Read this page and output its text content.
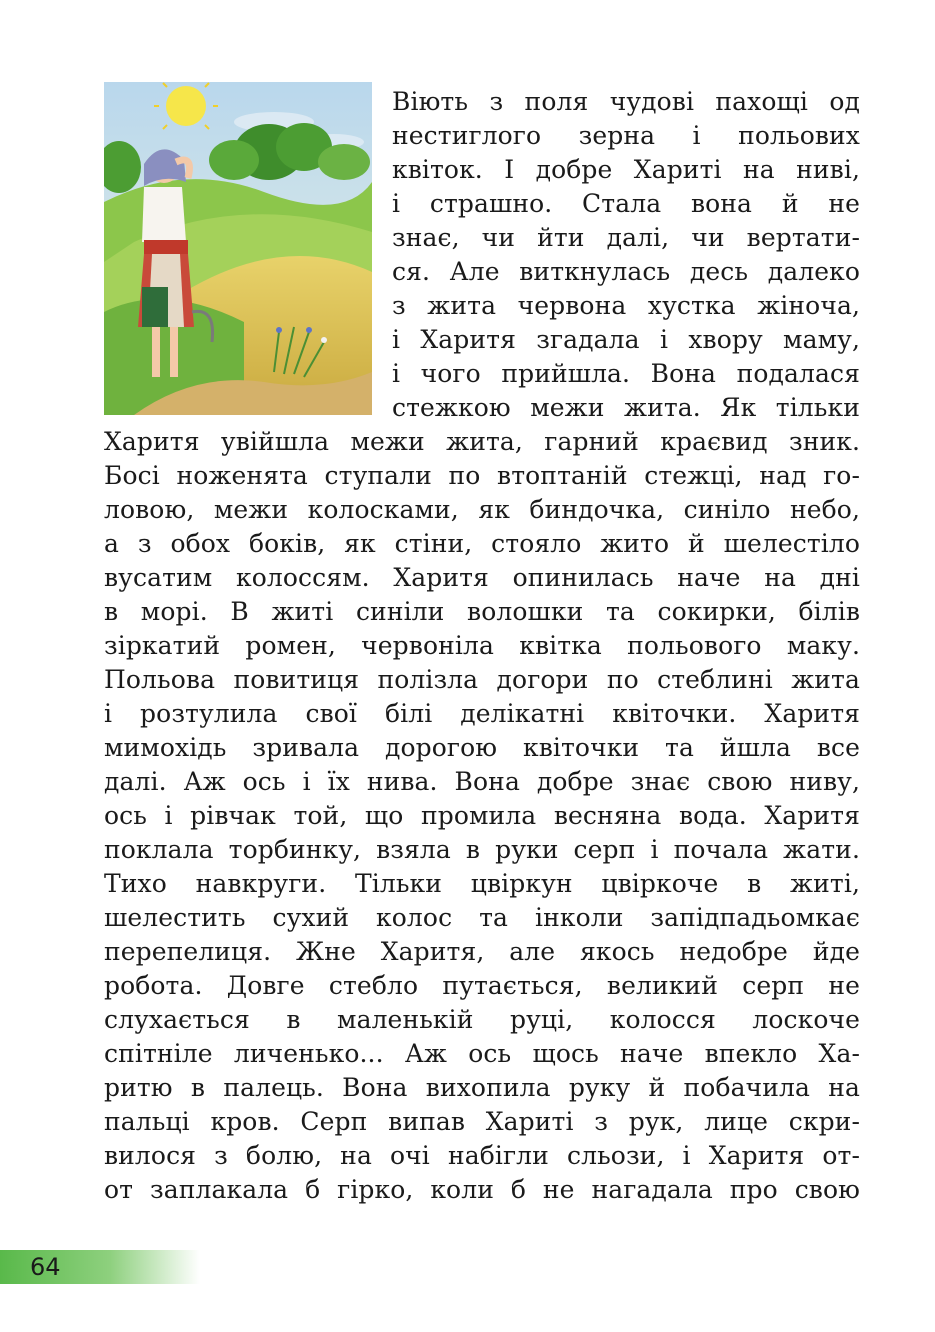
Віють з поля чудові пахощі од
нестиглого зерна і польових
квіток. І добре Хариті на ниві,
і страшно. Стала вона й не
знає, чи йти далі, чи вертати-
ся. Але виткнулась десь далеко
з жита червона хустка жіноча,
і Харитя згадала і хвору маму,
і чого прийшла. Вона подалася
стежкою межи жита. Як тільки
Харитя увійшла межи жита, гарний краєвид зник.
Босі ноженята ступали по втоптаній стежці, над го-
ловою, межи колосками, як биндочка, синіло небо,
а з обох боків, як стіни, стояло жито й шелестіло
вусатим колоссям. Харитя опинилась наче на дні
в морі. В житі синіли волошки та сокирки, білів
зіркатий ромен, червоніла квітка польового маку.
Польова повитиця полізла догори по стеблині жита
і розтулила свої білі делікатні квіточки. Харитя
мимохідь зривала дорогою квіточки та йшла все
далі. Аж ось і їх нива. Вона добре знає свою ниву,
ось і рівчак той, що промила весняна вода. Харитя
поклала торбинку, взяла в руки серп і почала жати.
Тихо навкруги. Тільки цвіркун цвіркоче в житі,
шелестить сухий колос та інколи запідпадьомкає
перепелиця. Жне Харитя, але якось недобре йде
робота. Довге стебло путається, великий серп не
слухається в маленькій руці, колосся лоскоче
спітніле личенько... Аж ось щось наче впекло Ха-
ритю в палець. Вона вихопила руку й побачила на
пальці кров. Серп випав Хариті з рук, лице скри-
вилося з болю, на очі набігли сльози, і Харитя от-
от заплакала б гірко, коли б не нагадала про свою
64
